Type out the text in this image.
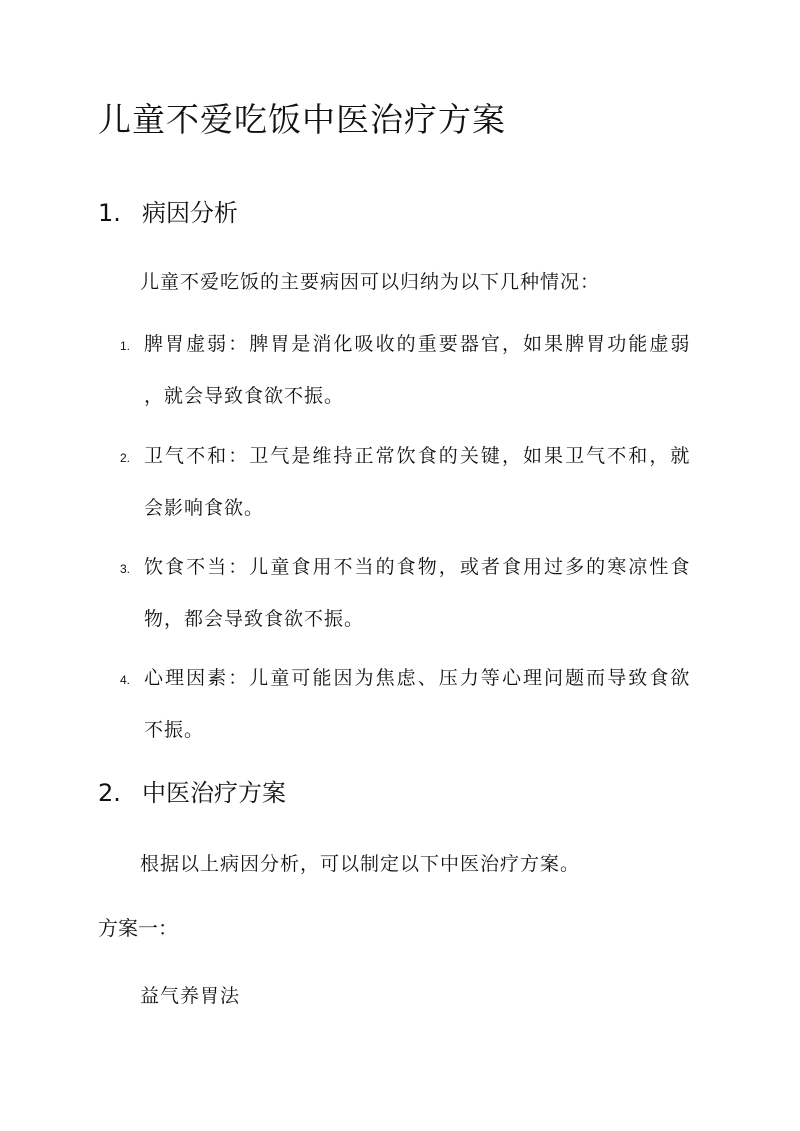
儿童不爱吃饭中医治疗方案
1. 病因分析

儿童不爱吃饭的主要病因可以归纳为以下几种情况：

1. 脾胃虚弱：脾胃是消化吸收的重要器官，如果脾胃功能虚弱
，就会导致食欲不振。
2. 卫气不和：卫气是维持正常饮食的关键，如果卫气不和，就
会影响食欲。
3. 饮食不当：儿童食用不当的食物，或者食用过多的寒凉性食
物，都会导致食欲不振。
4. 心理因素：儿童可能因为焦虑、压力等心理问题而导致食欲
不振。
2. 中医治疗方案

根据以上病因分析，可以制定以下中医治疗方案。

方案一：

益气养胃法
